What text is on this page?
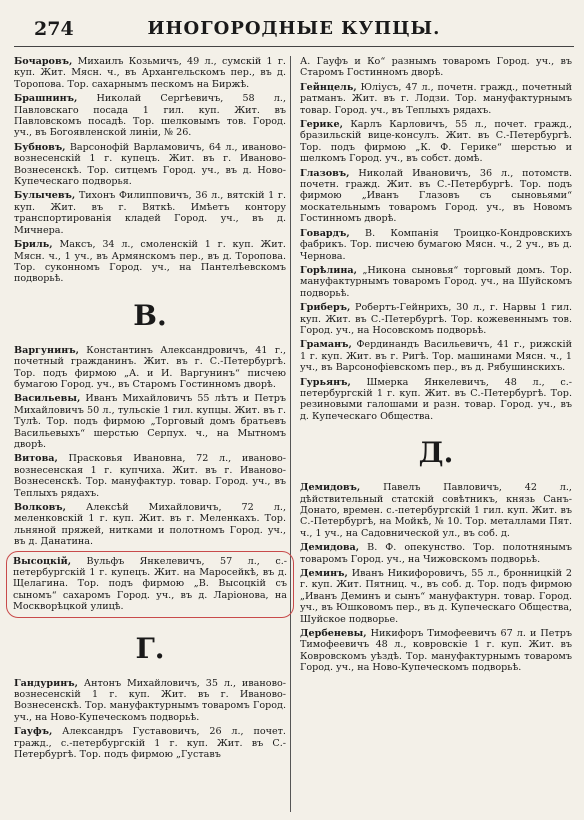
274	ИНОГОРОДНЫЕ КУПЦЫ.
Бочаровъ, Михаилъ Козьмичъ, 49 л., сумскій 1 г. куп. Жит. Мясн. ч., въ Архангельскомъ пер., въ д. Торопова. Тор. сахарнымъ пескомъ на Биржѣ.
Брашнинъ, Николай Сергѣевичъ, 58 л., Павловскаго посада 1 гил. куп. Жит. въ Павловскомъ посадѣ. Тор. шелковымъ тов. Город. уч., въ Богоявленской линіи, № 26.
Бубновъ, Варсонофій Варламовичъ, 64 л., иваново-вознесенскій 1 г. купецъ. Жит. въ г. Иваново-Вознесенскѣ. Тор. ситцемъ Город. уч., въ д. Ново-Купеческаго подворья.
Булычевъ, Тихонъ Филипповичъ, 36 л., вятскій 1 г. куп. Жит. въ г. Вяткѣ. Имѣетъ контору транспортированія кладей Город. уч., въ д. Мичнера.
Бриль, Максъ, 34 л., смоленскій 1 г. куп. Жит. Мясн. ч., 1 уч., въ Армянскомъ пер., въ д. Торопова. Тор. суконномъ Город. уч., на Пантелѣевскомъ подворьѣ.
В.
Варгунинъ, Константинъ Александровичъ, 41 г., почетный гражданинъ. Жит. въ г. С.-Петербургѣ. Тор. подъ фирмою „А. и И. Варгунинъ“ писчею бумагою Город. уч., въ Старомъ Гостинномъ дворѣ.
Васильевы, Иванъ Михайловичъ 55 лѣтъ и Петръ Михайловичъ 50 л., тульскіе 1 гил. купцы. Жит. въ г. Тулѣ. Тор. подъ фирмою „Торговый домъ братьевъ Васильевыхъ“ шерстью Серпух. ч., на Мытномъ дворѣ.
Витова, Прасковья Ивановна, 72 л., иваново-вознесенская 1 г. купчиха. Жит. въ г. Иваново-Вознесенскѣ. Тор. мануфактур. товар. Город. уч., въ Теплыхъ рядахъ.
Волковъ, Алексѣй Михайловичъ, 72 л., меленковскій 1 г. куп. Жит. въ г. Меленкахъ. Тор. льняной пряжей, нитками и полотномъ Город. уч., въ д. Данатина.
Высоцкій, Вульфъ Янкелевичъ, 57 л., с.-петербургскій 1 г. купецъ. Жит. на Маросейкѣ, въ д. Щелагина. Тор. подъ фирмою „В. Высоцкій съ сыномъ“ сахаромъ Город. уч., въ д. Ларіонова, на Москворѣцкой улицѣ.
Г.
Гандуринъ, Антонъ Михайловичъ, 35 л., иваново-вознесенскій 1 г. куп. Жит. въ г. Иваново-Вознесенскѣ. Тор. мануфактурнымъ товаромъ Город. уч., на Ново-Купеческомъ подворьѣ.
Гауфъ, Александръ Густавовичъ, 26 л., почет. гражд., с.-петербургскій 1 г. куп. Жит. въ С.-Петербургѣ. Тор. подъ фирмою „Густавъ
А. Гауфъ и Ко“ разнымъ товаромъ Город. уч., въ Старомъ Гостинномъ дворѣ.
Гейнцель, Юліусъ, 47 л., почетн. гражд., почетный ратманъ. Жит. въ г. Лодзи. Тор. мануфактурнымъ товар. Город. уч., въ Теплыхъ рядахъ.
Герике, Карлъ Карловичъ, 55 л., почет. гражд., бразильскій вице-консулъ. Жит. въ С.-Петербургѣ. Тор. подъ фирмою „К. Ф. Герике“ шерстью и шелкомъ Город. уч., въ собст. домѣ.
Глазовъ, Николай Ивановичъ, 36 л., потомств. почетн. гражд. Жит. въ С.-Петербургѣ. Тор. подъ фирмою „Иванъ Глазовъ съ сыновьями“ москательнымъ товаромъ Город. уч., въ Новомъ Гостинномъ дворѣ.
Говардъ, В. Компанія Троицко-Кондровскихъ фабрикъ. Тор. писчею бумагою Мясн. ч., 2 уч., въ д. Чернова.
Горѣлина, „Никона сыновья“ торговый домъ. Тор. мануфактурнымъ товаромъ Город. уч., на Шуйскомъ подворьѣ.
Гриберъ, Робертъ-Гейнрихъ, 30 л., г. Нарвы 1 гил. куп. Жит. въ С.-Петербургѣ. Тор. кожевеннымъ тов. Город. уч., на Носовскомъ подворьѣ.
Граманъ, Фердинандъ Васильевичъ, 41 г., рижскій 1 г. куп. Жит. въ г. Ригѣ. Тор. машинами Мясн. ч., 1 уч., въ Варсонофіевскомъ пер., въ д. Рябушинскихъ.
Гурьянъ, Шмерка Янкелевичъ, 48 л., с.-петербургскій 1 г. куп. Жит. въ С.-Петербургѣ. Тор. резиновыми галошами и разн. товар. Город. уч., въ д. Купеческаго Общества.
Д.
Демидовъ, Павелъ Павловичъ, 42 л., дѣйствительный статскій совѣтникъ, князь Санъ-Донато, времен. с.-петербургскій 1 гил. куп. Жит. въ С.-Петербургѣ, на Мойкѣ, № 10. Тор. металлами Пят. ч., 1 уч., на Садовнической ул., въ соб. д.
Демидова, В. Ф. опекунство. Тор. полотнянымъ товаромъ Город. уч., на Чижовскомъ подворьѣ.
Деминъ, Иванъ Никифоровичъ, 55 л., бронницкій 2 г. куп. Жит. Пятниц. ч., въ соб. д. Тор. подъ фирмою „Иванъ Деминъ и сынъ“ мануфактурн. товар. Город. уч., въ Юшковомъ пер., въ д. Купеческаго Общества, Шуйское подворье.
Дербеневы, Никифоръ Тимофеевичъ 67 л. и Петръ Тимофеевичъ 48 л., ковровскіе 1 г. куп. Жит. въ Ковровскомъ уѣздѣ. Тор. мануфактурнымъ товаромъ Город. уч., на Ново-Купеческомъ подворьѣ.
